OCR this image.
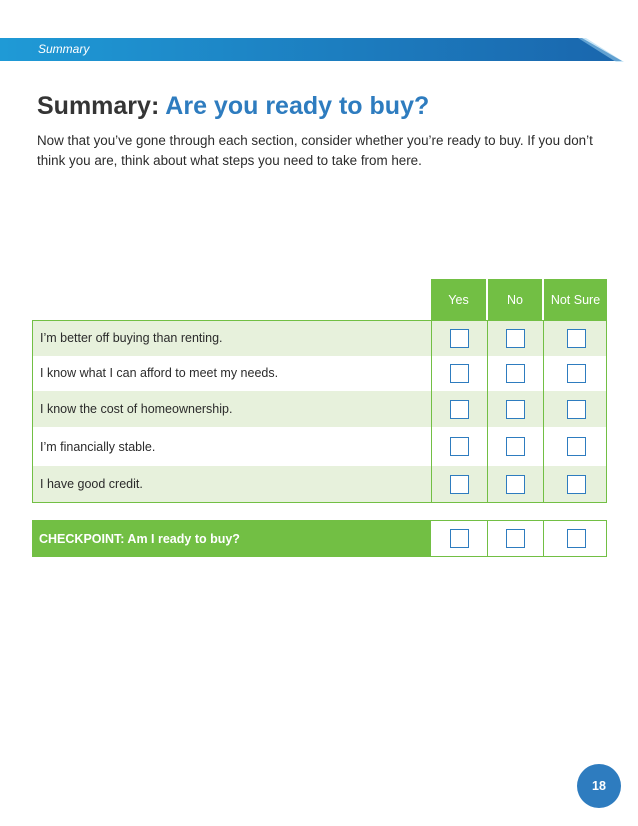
Summary
Summary: Are you ready to buy?

Now that you’ve gone through each section, consider whether you’re ready to buy. If you don’t think you are, think about what steps you need to take from here.

Yes	No	Not Sure
I’m better off buying than renting.
I know what I can afford to meet my needs.
I know the cost of homeownership.
I’m financially stable.
I have good credit.
CHECKPOINT: Am I ready to buy?
18
